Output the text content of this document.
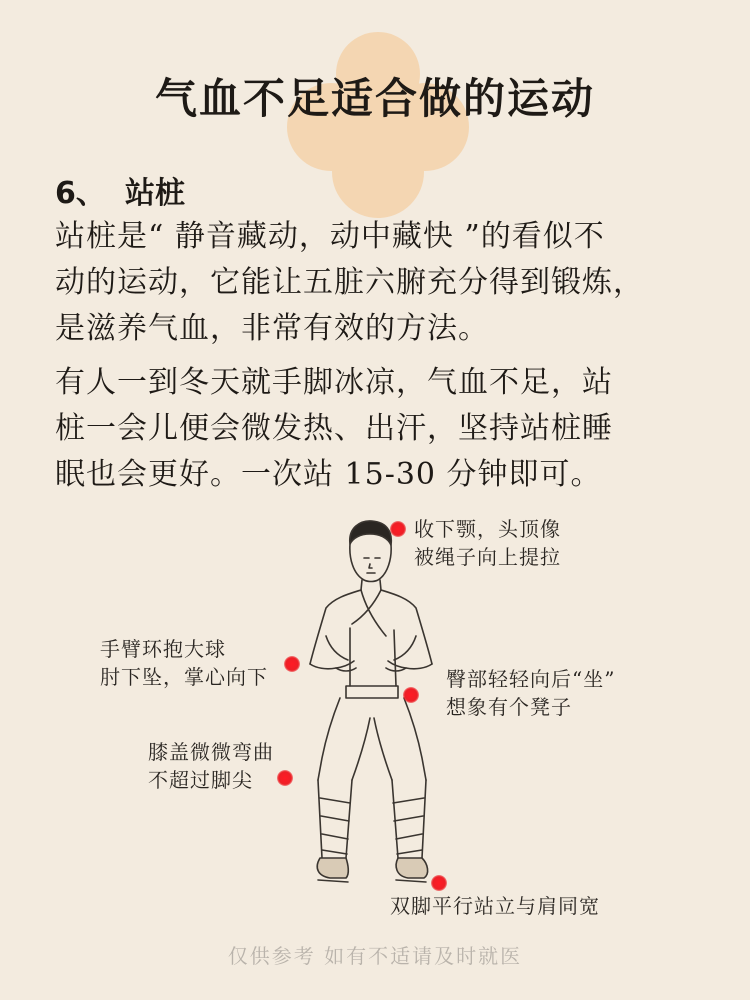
气血不足适合做的运动
6、 站桩
站桩是“ 静音藏动，动中藏快 ”的看似不
动的运动，它能让五脏六腑充分得到锻炼，
是滋养气血，非常有效的方法。
有人一到冬天就手脚冰凉，气血不足，站
桩一会儿便会微发热、出汗，坚持站桩睡
眠也会更好。一次站 15-30 分钟即可。
收下颚，头顶像
被绳子向上提拉
手臂环抱大球
肘下坠，掌心向下	臀部轻轻向后“坐”
想象有个凳子
膝盖微微弯曲
不超过脚尖
双脚平行站立与肩同宽
仅供参考 如有不适请及时就医
